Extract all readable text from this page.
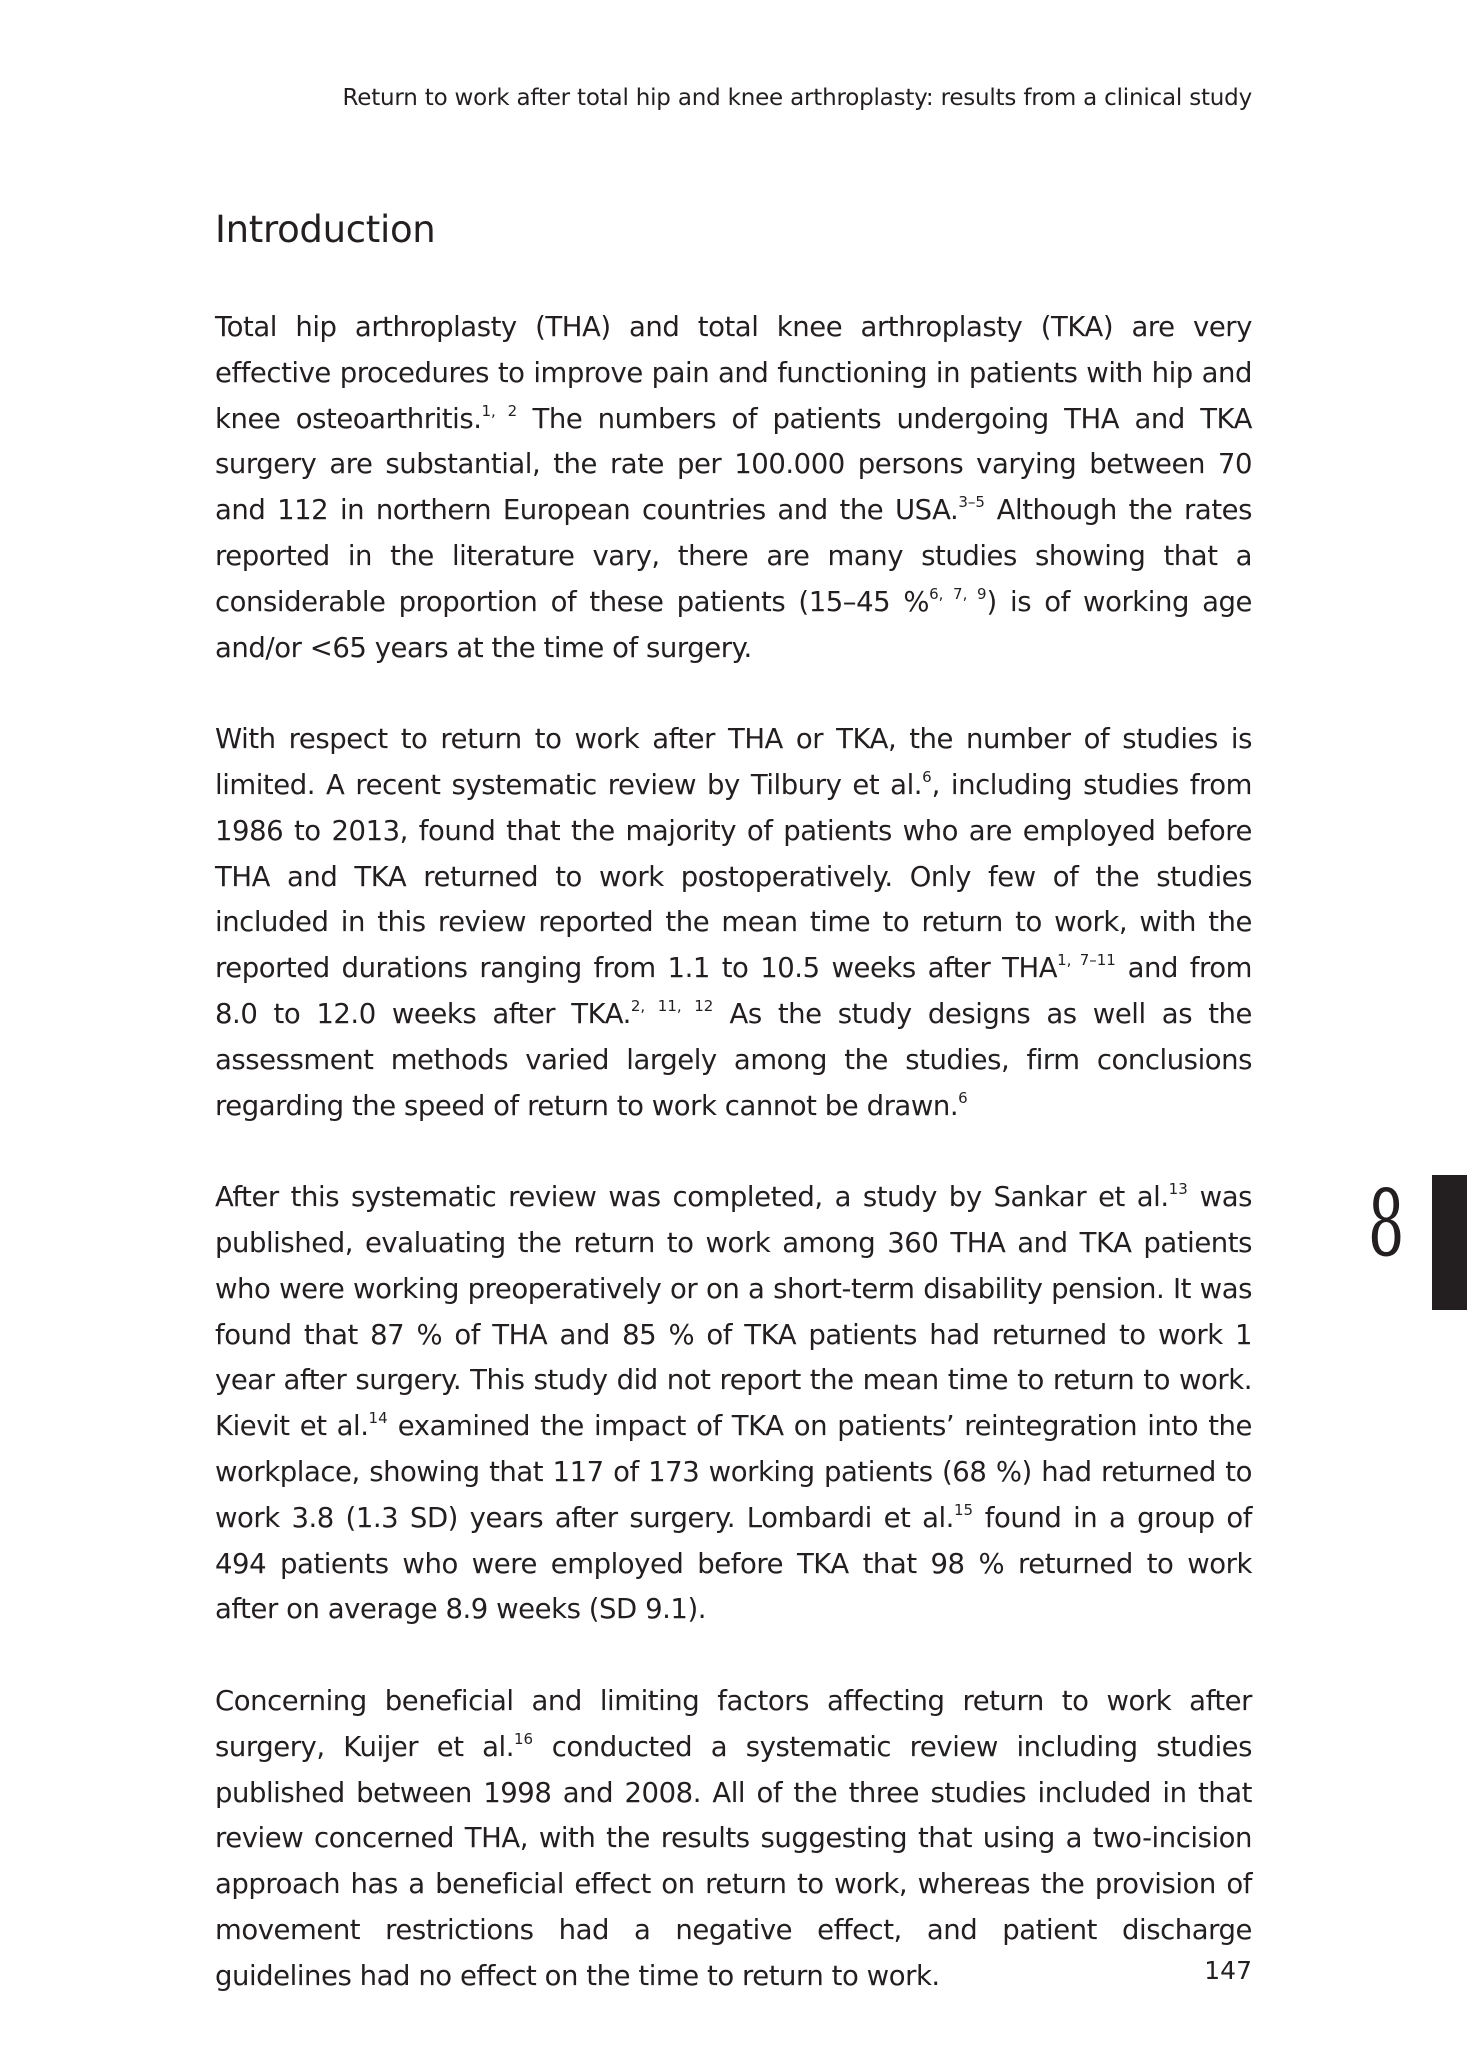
Return to work after total hip and knee arthroplasty: results from a clinical study
Introduction

Total hip arthroplasty (THA) and total knee arthroplasty (TKA) are very effective procedures to improve pain and functioning in patients with hip and knee osteoarthritis.$^{1, 2}$ The numbers of patients undergoing THA and TKA surgery are substantial, the rate per 100.000 persons varying between 70 and 112 in northern European countries and the USA.$^{3-5}$ Although the rates reported in the literature vary, there are many studies showing that a considerable proportion of these patients (15–45 %$^{6, 7, 9}$) is of working age and/or <65 years at the time of surgery.

With respect to return to work after THA or TKA, the number of studies is limited. A recent systematic review by Tilbury et al.$^6$, including studies from 1986 to 2013, found that the majority of patients who are employed before THA and TKA returned to work postoperatively. Only few of the studies included in this review reported the mean time to return to work, with the reported durations ranging from 1.1 to 10.5 weeks after THA$^{1, 7-11}$ and from 8.0 to 12.0 weeks after TKA.$^{2, 11, 12}$ As the study designs as well as the assessment methods varied largely among the studies, firm conclusions regarding the speed of return to work cannot be drawn.$^6$

After this systematic review was completed, a study by Sankar et al.$^{13}$ was published, evaluating the return to work among 360 THA and TKA patients who were working preoperatively or on a short-term disability pension. It was found that 87 % of THA and 85 % of TKA patients had returned to work 1 year after surgery. This study did not report the mean time to return to work. Kievit et al.$^{14}$ examined the impact of TKA on patients’ reintegration into the workplace, showing that 117 of 173 working patients (68 %) had returned to work 3.8 (1.3 SD) years after surgery. Lombardi et al.$^{15}$ found in a group of 494 patients who were employed before TKA that 98 % returned to work after on average 8.9 weeks (SD 9.1).

Concerning beneficial and limiting factors affecting return to work after surgery, Kuijer et al.$^{16}$ conducted a systematic review including studies published between 1998 and 2008. All of the three studies included in that review concerned THA, with the results suggesting that using a two-incision approach has a beneficial effect on return to work, whereas the provision of movement restrictions had a negative effect, and patient discharge guidelines had no effect on the time to return to work.

8
147
